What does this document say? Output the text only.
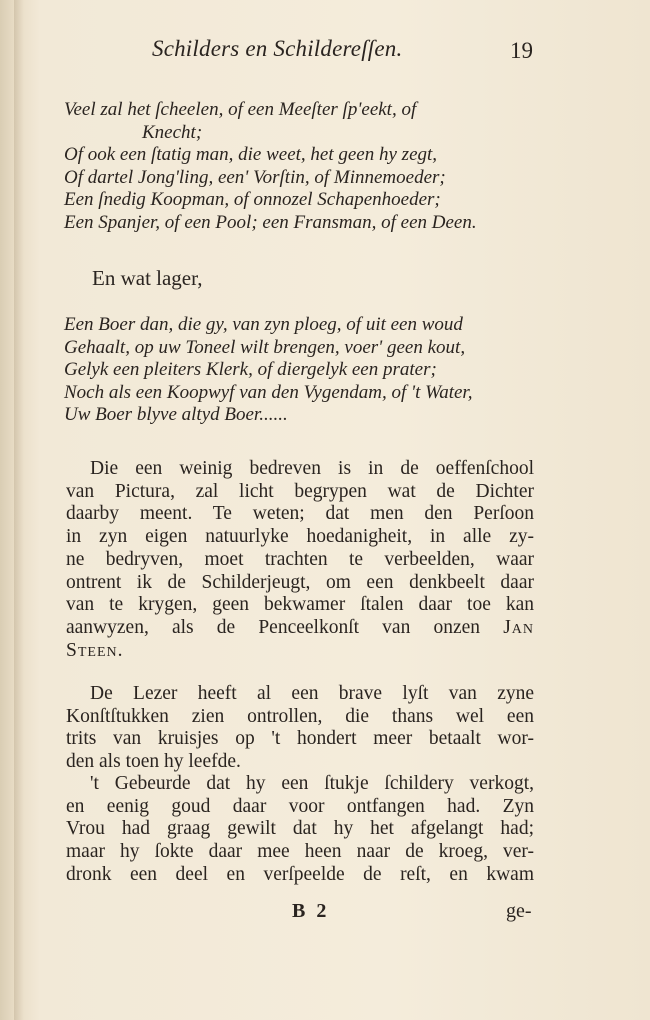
Schilders en Schildereſſen.	19
Veel zal het ſcheelen, of een Meeſter ſp'eekt, of
Knecht;
Of ook een ſtatig man, die weet, het geen hy zegt,
Of dartel Jong'ling, een' Vorſtin, of Minnemoeder;
Een ſnedig Koopman, of onnozel Schapenhoeder;
Een Spanjer, of een Pool; een Fransman, of een Deen.
En wat lager,
Een Boer dan, die gy, van zyn ploeg, of uit een woud
Gehaalt, op uw Toneel wilt brengen, voer' geen kout,
Gelyk een pleiters Klerk, of diergelyk een prater;
Noch als een Koopwyf van den Vygendam, of 't Water,
Uw Boer blyve altyd Boer......
Die een weinig bedreven is in de oeffenſchool
van Pictura, zal licht begrypen wat de Dichter
daarby meent. Te weten; dat men den Perſoon
in zyn eigen natuurlyke hoedanigheit, in alle zy-
ne bedryven, moet trachten te verbeelden, waar
ontrent ik de Schilderjeugt, om een denkbeelt daar
van te krygen, geen bekwamer ſtalen daar toe kan
aanwyzen, als de Penceelkonſt van onzen Jan
Steen.
De Lezer heeft al een brave lyſt van zyne
Konſtſtukken zien ontrollen, die thans wel een
trits van kruisjes op 't hondert meer betaalt wor-
den als toen hy leefde.
't Gebeurde dat hy een ſtukje ſchildery verkogt,
en eenig goud daar voor ontfangen had. Zyn
Vrou had graag gewilt dat hy het afgelangt had;
maar hy ſokte daar mee heen naar de kroeg, ver-
dronk een deel en verſpeelde de reſt, en kwam
B 2	ge-
